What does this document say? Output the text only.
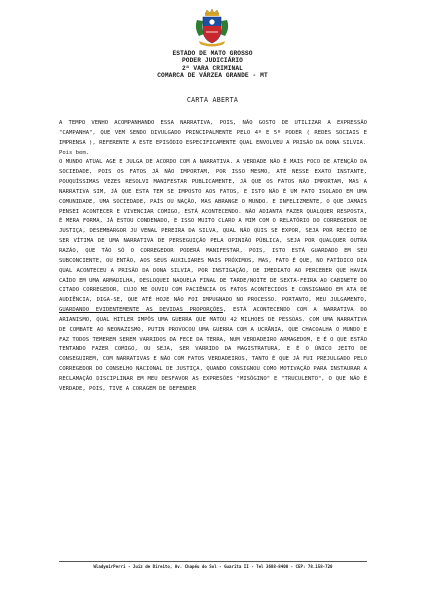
ESTADO DE MATO GROSSO
PODER JUDICIÁRIO
2ª VARA CRIMINAL
COMARCA DE VÁRZEA GRANDE - MT
CARTA ABERTA

A TEMPO VENHO ACOMPANHANDO ESSA NARRATIVA, POIS, NÃO GOSTO DE UTILIZAR A EXPRESSÃO "CAMPANHA", QUE VEM SENDO DIVULGADO PRINCIPALMENTE PELO 4º E 5º PODER ( REDES SOCIAIS E IMPRENSA ), REFERENTE A ESTE EPISÓDIO ESPECIFICAMENTE QUAL ENVOLVEU A PRISÃO DA DONA SILVIA.

Pois bem.

O MUNDO ATUAL AGE E JULGA DE ACORDO COM A NARRATIVA. A VERDADE NÃO É MAIS FOCO DE ATENÇÃO DA SOCIEDADE, POIS OS FATOS JÁ NÃO IMPORTAM, POR ISSO MESMO, ATÉ NESSE EXATO INSTANTE, POUQUÍSSIMAS VEZES RESOLVI MANIFESTAR PUBLICAMENTE, JÁ QUE OS FATOS NÃO IMPORTAM, MAS A NARRATIVA SIM, JÁ QUE ESTA TEM SE IMPOSTO AOS FATOS, E ISTO NÃO É UM FATO ISOLADO EM UMA COMUNIDADE, UMA SOCIEDADE, PAÍS OU NAÇÃO, MAS ABRANGE O MUNDO. E INFELIZMENTE, O QUE JAMAIS PENSEI ACONTECER E VIVENCIAR COMIGO, ESTÁ ACONTECENDO. NÃO ADIANTA FAZER QUALQUER RESPOSTA, É MERA FORMA, JÁ ESTOU CONDENADO, E ISSO MUITO CLARO A MIM COM O RELATÓRIO DO CORREGEDOR DE JUSTIÇA, DESEMBARGOR JU VENAL PEREIRA DA SILVA, QUAL NÃO QUIS SE EXPOR, SEJA POR RECEIO DE SER VÍTIMA DE UMA NARRATIVA DE PERSEGUIÇÃO PELA OPINIÃO PÚBLICA, SEJA POR QUALQUER OUTRA RAZÃO, QUE TÃO SÓ O CORREGEDOR PODERÁ MANIFESTAR, POIS, ISTO ESTÁ GUARDADO EM SEU SUBCONCIENTE, OU ENTÃO, AOS SEUS AUXILIARES MAIS PRÓXIMOS, MAS, FATO É QUE, NO FATÍDICO DIA QUAL ACONTECEU A PRISÃO DA DONA SILVIA, POR INSTIGAÇÃO, DE IMEDIATO AO PERCEBER QUE HAVIA CAÍDO EM UMA ARMADILHA, DESLOQUEI NAQUELA FINAL DE TARDE/NOITE DE SEXTA-FEIRA AO CABINETE DO CITADO CORREGEDOR, CUJO ME OUVIU COM PACIÊNCIA OS FATOS ACONTECIDOS E CONSIGNADO EM ATA DE AUDIÊNCIA, DIGA-SE, QUE ATÉ HOJE NÃO FOI IMPUGNADO NO PROCESSO. PORTANTO, MEU JULGAMENTO, GUARDANDO EVIDENTEMENTE AS DEVIDAS PROPORÇÕES, ESTÁ ACONTECENDO COM A NARRATIVA DO ARIANISMO, QUAL HITLER IMPÔS UMA GUERRA QUE MATOU 42 MILHOES DE PESSOAS. COM UMA NARRATIVA DE COMBATE AO NEONAZISMO, PUTIN PROVOCOU UMA GUERRA COM A UCRÂNIA, QUE CHACOALHA O MUNDO E FAZ TODOS TEMEREM SEREM VARRIDOS DA FECE DA TERRA, NUM VERDADEIRO ARMAGEDOM, E É O QUE ESTÃO TENTANDO FAZER COMIGO, OU SEJA, SER VARRIDO DA MAGISTRATURA, E É O ÚNICO JEITO DE CONSEGUIREM, COM NARRATIVAS E NÃO COM FATOS VERDADEIROS, TANTO É QUE JÁ FUI PREJULGADO PELO CORREGEDOR DO CONSELHO NACIONAL DE JUSTIÇA, QUANDO CONSIGNOU COMO MOTIVAÇÃO PARA INSTAURAR A RECLAMAÇÃO DISCIPLINAR EM MEU DESFAVOR AS EXPRESÕES "MISÓGINO" E "TRUCULENTO", O QUE NÃO É VERDADE, POIS, TIVE A CORAGEM DE DEFENDER

WladymirPerri - Juiz de Direito, Av. Chapéu do Sol - Guarita II - Tel 3688-8400 - CEP: 78.158-720
